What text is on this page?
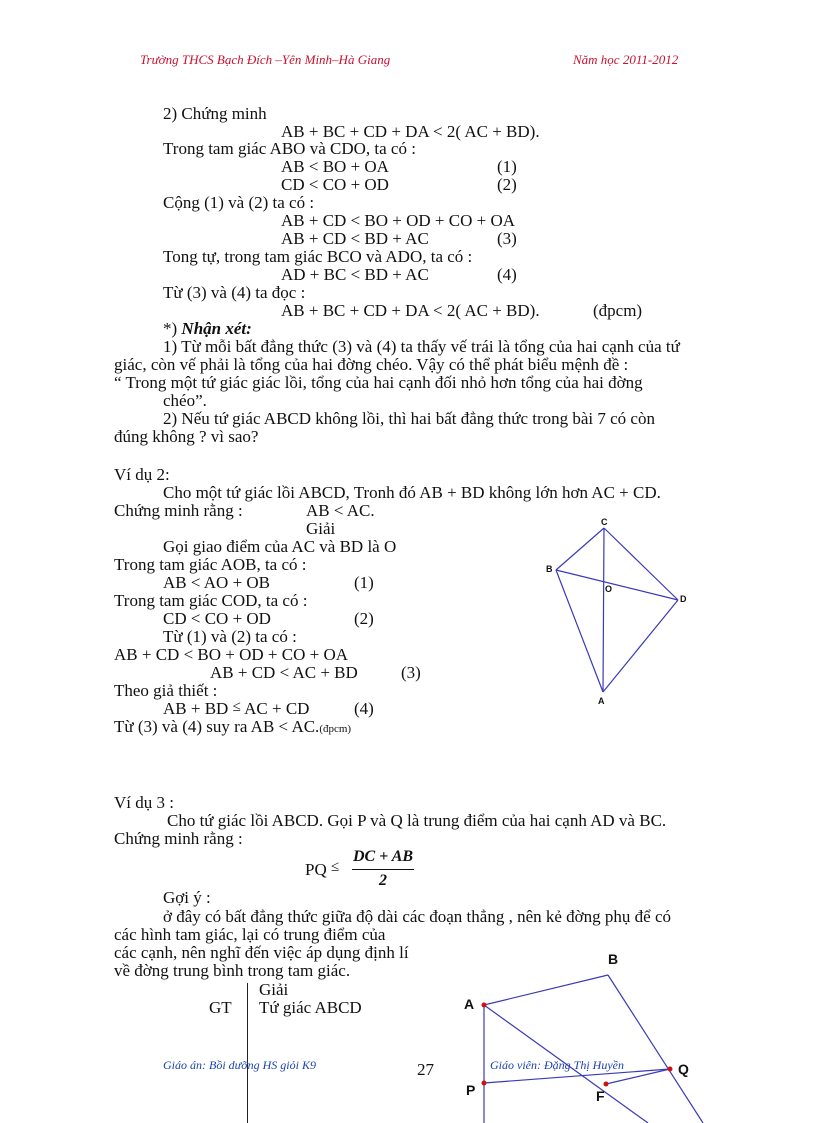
Trường THCS Bạch Đích –Yên Minh–Hà Giang	Năm học 2011-2012
2) Chứng minh
AB + BC + CD + DA < 2( AC + BD).
Trong tam giác ABO và CDO, ta có :
AB < BO + OA	(1)
CD < CO + OD	(2)
Cộng (1) và (2) ta có :
AB + CD < BO + OD + CO + OA
AB + CD < BD + AC	(3)
Tong tự, trong tam giác BCO và ADO, ta có :
AD + BC < BD + AC	(4)
Từ (3) và (4) ta đọc :
AB + BC + CD + DA < 2( AC + BD).	(đpcm)
*) Nhận xét:
1) Từ mỗi bất đẳng thức (3) và (4) ta thấy vế trái là tổng của hai cạnh của tứ
giác, còn vế phải là tổng của hai đờng chéo. Vậy có thể phát biểu mệnh đề :
“ Trong một tứ giác giác lồi, tổng của hai cạnh đối nhỏ hơn tổng của hai đờng
chéo”.
2) Nếu tứ giác ABCD không lồi, thì hai bất đẳng thức trong bài 7 có còn
đúng không ? vì sao?
Ví dụ 2:
Cho một tứ giác lồi ABCD, Tronh đó AB + BD không lớn hơn AC + CD.
Chứng minh rằng :	AB < AC.
Giải
Gọi giao điểm của AC và BD là O
Trong tam giác AOB, ta có :
AB < AO + OB	(1)
Trong tam giác COD, ta có :
CD < CO + OD	(2)
Từ (1) và (2) ta có :
AB + CD < BO + OD + CO + OA
AB + CD < AC + BD	(3)
Theo giả thiết :
AB + BD ≤ AC + CD	(4)
Từ (3) và (4) suy ra AB < AC.(đpcm)
C
B
O
D
A
Ví dụ 3 :
Cho tứ giác lồi ABCD. Gọi P và Q là trung điểm của hai cạnh AD và BC.
Chứng minh rằng :
PQ ≤
DC + AB
2
Gợi ý :
ở đây có bất đẳng thức giữa độ dài các đoạn thẳng , nên kẻ đờng phụ để có
các hình tam giác, lại có trung điểm của
các cạnh, nên nghĩ đến việc áp dụng định lí
về đờng trung bình trong tam giác.
Giải
GT Tứ giác ABCD
B
A
P
Q
F
Giáo án: Bồi dưỡng HS giỏi K9	27	Giáo viên: Đặng Thị Huyền
